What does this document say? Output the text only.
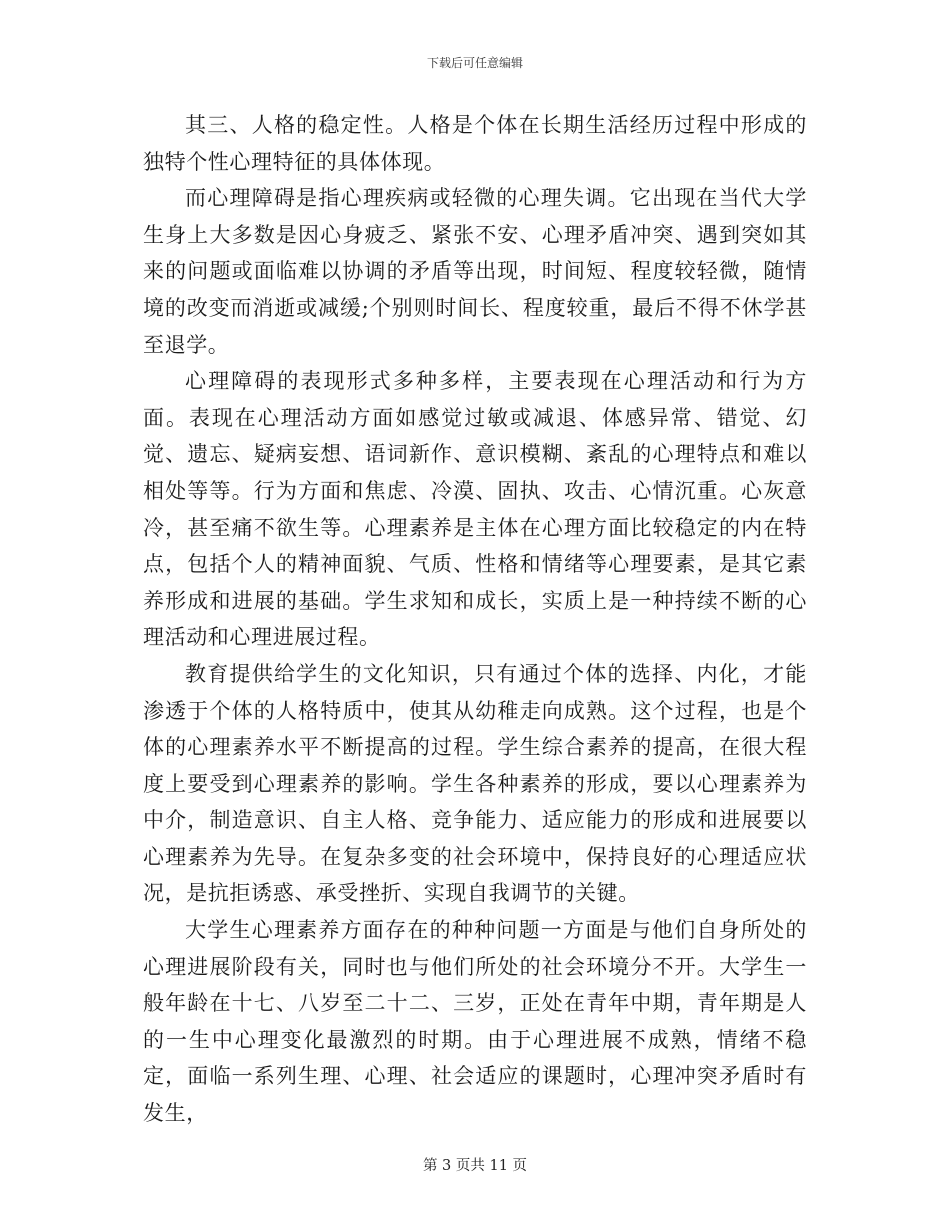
下载后可任意编辑

其三、人格的稳定性。人格是个体在长期生活经历过程中形成的独特个性心理特征的具体体现。

而心理障碍是指心理疾病或轻微的心理失调。它出现在当代大学生身上大多数是因心身疲乏、紧张不安、心理矛盾冲突、遇到突如其来的问题或面临难以协调的矛盾等出现，时间短、程度较轻微，随情境的改变而消逝或减缓;个别则时间长、程度较重，最后不得不休学甚至退学。

心理障碍的表现形式多种多样，主要表现在心理活动和行为方面。表现在心理活动方面如感觉过敏或减退、体感异常、错觉、幻觉、遗忘、疑病妄想、语词新作、意识模糊、紊乱的心理特点和难以相处等等。行为方面和焦虑、冷漠、固执、攻击、心情沉重。心灰意冷，甚至痛不欲生等。心理素养是主体在心理方面比较稳定的内在特点，包括个人的精神面貌、气质、性格和情绪等心理要素，是其它素养形成和进展的基础。学生求知和成长，实质上是一种持续不断的心理活动和心理进展过程。

教育提供给学生的文化知识，只有通过个体的选择、内化，才能渗透于个体的人格特质中，使其从幼稚走向成熟。这个过程，也是个体的心理素养水平不断提高的过程。学生综合素养的提高，在很大程度上要受到心理素养的影响。学生各种素养的形成，要以心理素养为中介，制造意识、自主人格、竞争能力、适应能力的形成和进展要以心理素养为先导。在复杂多变的社会环境中，保持良好的心理适应状况，是抗拒诱惑、承受挫折、实现自我调节的关键。

大学生心理素养方面存在的种种问题一方面是与他们自身所处的心理进展阶段有关，同时也与他们所处的社会环境分不开。大学生一般年龄在十七、八岁至二十二、三岁，正处在青年中期，青年期是人的一生中心理变化最激烈的时期。由于心理进展不成熟，情绪不稳定，面临一系列生理、心理、社会适应的课题时，心理冲突矛盾时有发生，

第 3 页共 11 页
